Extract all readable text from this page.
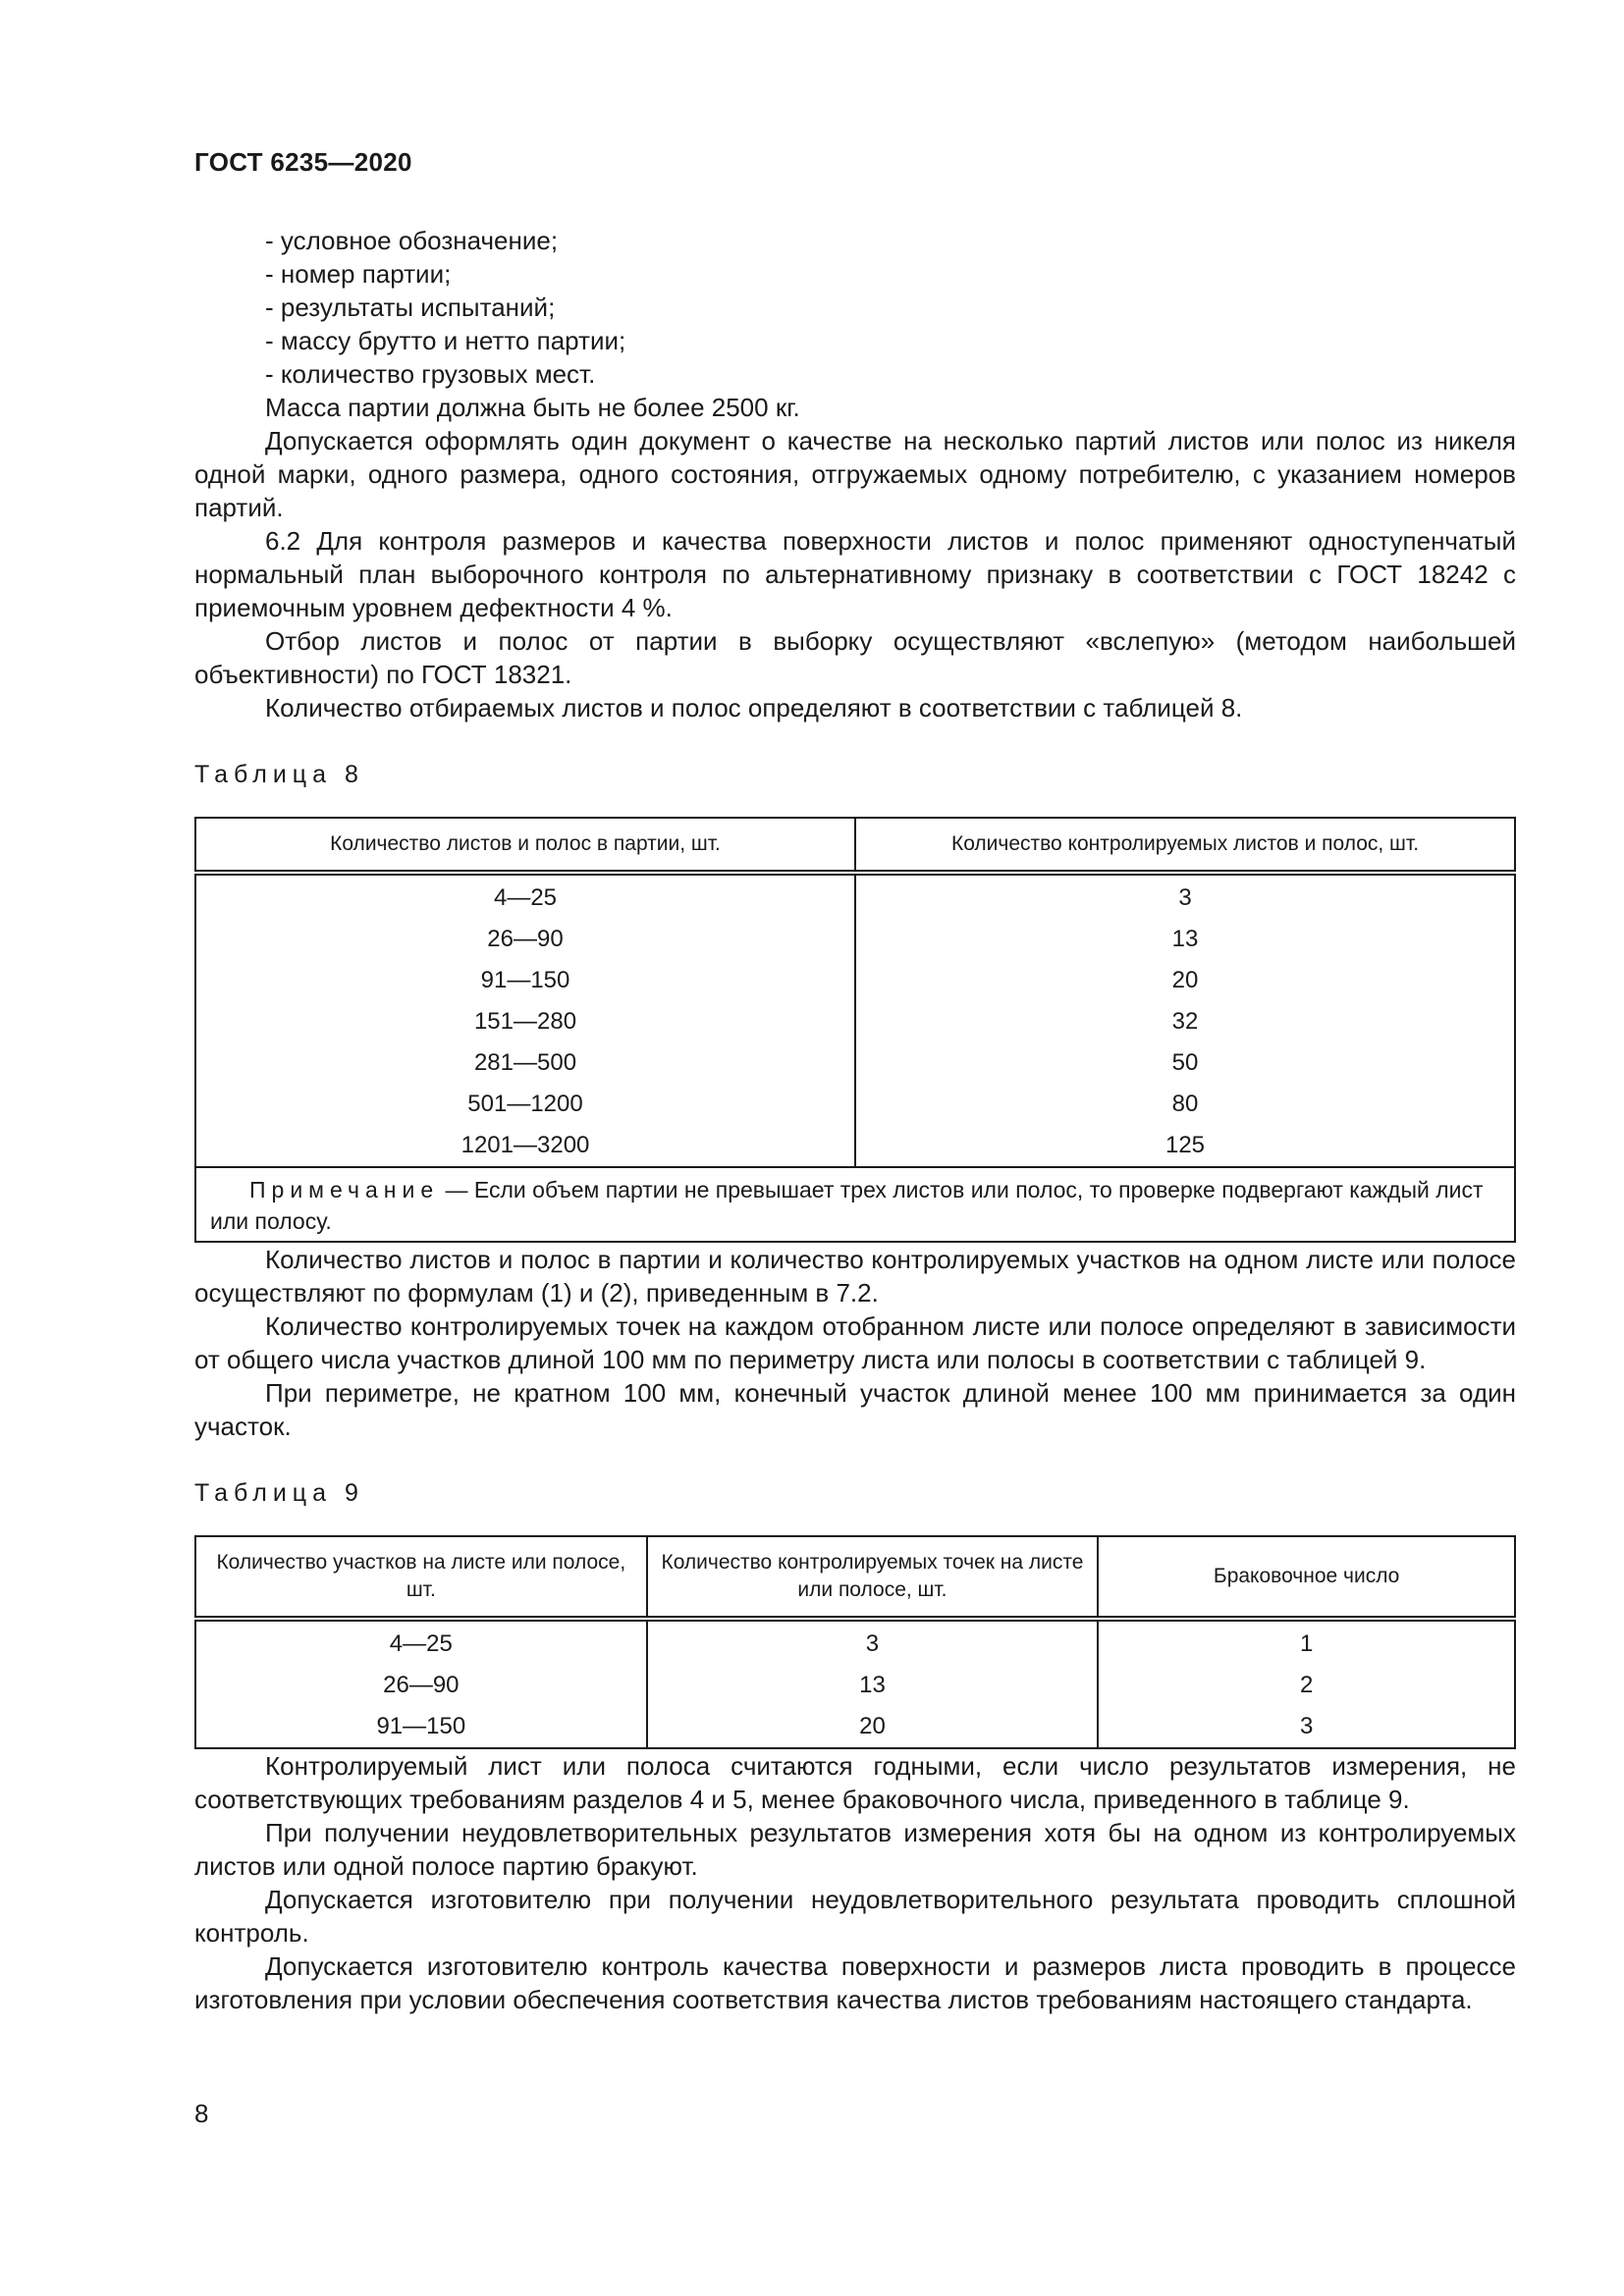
ГОСТ 6235—2020

- условное обозначение;

- номер партии;

- результаты испытаний;

- массу брутто и нетто партии;

- количество грузовых мест.

Масса партии должна быть не более 2500 кг.

Допускается оформлять один документ о качестве на несколько партий листов или полос из никеля одной марки, одного размера, одного состояния, отгружаемых одному потребителю, с указанием номеров партий.

6.2 Для контроля размеров и качества поверхности листов и полос применяют одноступенчатый нормальный план выборочного контроля по альтернативному признаку в соответствии с ГОСТ 18242 с приемочным уровнем дефектности 4 %.

Отбор листов и полос от партии в выборку осуществляют «вслепую» (методом наибольшей объективности) по ГОСТ 18321.

Количество отбираемых листов и полос определяют в соответствии с таблицей 8.

Таблица 8
Количество листов и полос в партии, шт.	Количество контролируемых листов и полос, шт.
4—25	3
26—90	13
91—150	20
151—280	32
281—500	50
501—1200	80
1201—3200	125
Примечание — Если объем партии не превышает трех листов или полос, то проверке подвергают каждый лист или полосу.	

Количество листов и полос в партии и количество контролируемых участков на одном листе или полосе осуществляют по формулам (1) и (2), приведенным в 7.2.

Количество контролируемых точек на каждом отобранном листе или полосе определяют в зависимости от общего числа участков длиной 100 мм по периметру листа или полосы в соответствии с таблицей 9.

При периметре, не кратном 100 мм, конечный участок длиной менее 100 мм принимается за один участок.

Таблица 9
Количество участков на листе или полосе, шт.	Количество контролируемых точек на листе или полосе, шт.	Браковочное число
4—25	3	1
26—90	13	2
91—150	20	3

Контролируемый лист или полоса считаются годными, если число результатов измерения, не соответствующих требованиям разделов 4 и 5, менее браковочного числа, приведенного в таблице 9.

При получении неудовлетворительных результатов измерения хотя бы на одном из контролируемых листов или одной полосе партию бракуют.

Допускается изготовителю при получении неудовлетворительного результата проводить сплошной контроль.

Допускается изготовителю контроль качества поверхности и размеров листа проводить в процессе изготовления при условии обеспечения соответствия качества листов требованиям настоящего стандарта.

8
